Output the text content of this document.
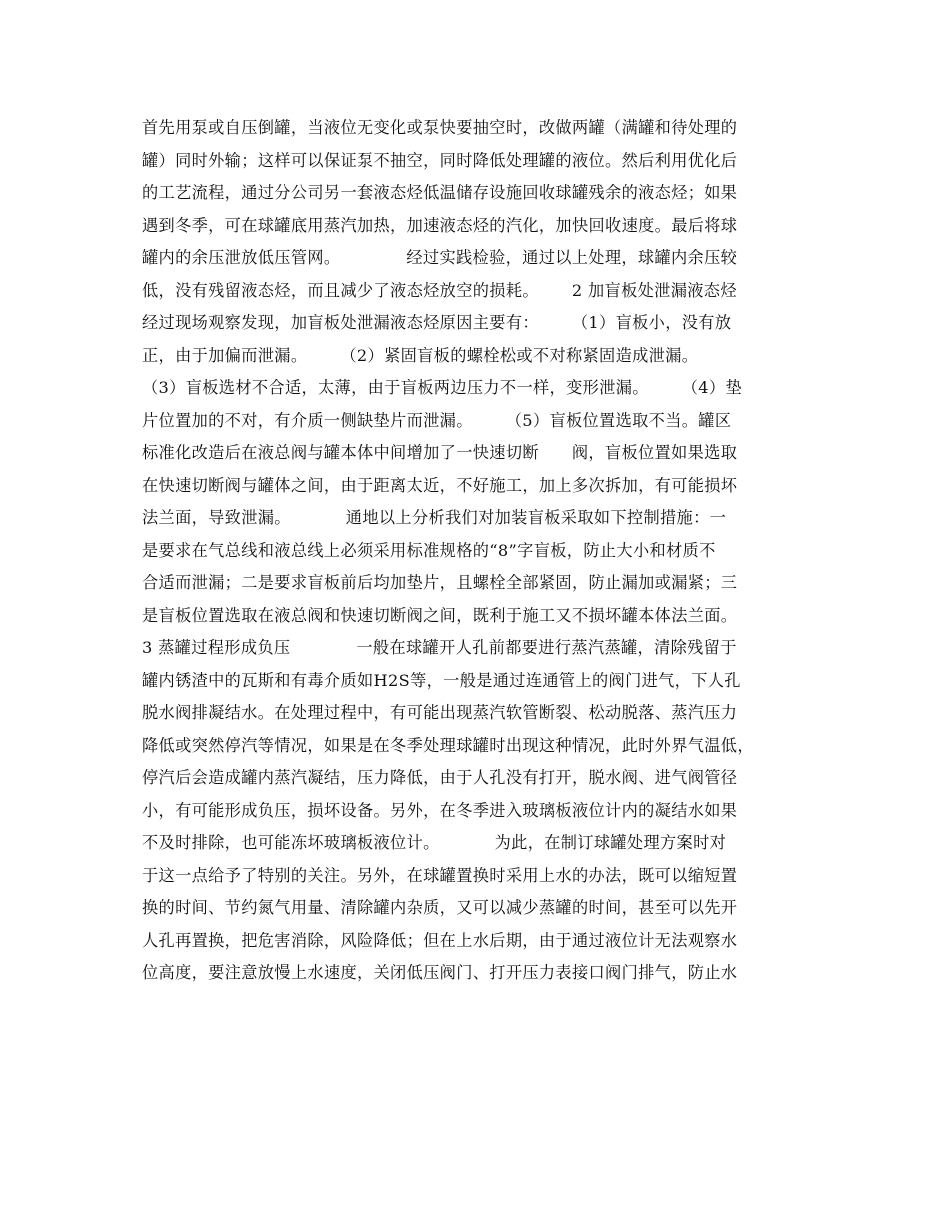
首先用泵或自压倒罐，当液位无变化或泵快要抽空时，改做两罐（满罐和待处理的
罐）同时外输；这样可以保证泵不抽空，同时降低处理罐的液位。然后利用优化后
的工艺流程，通过分公司另一套液态烃低温储存设施回收球罐残余的液态烃；如果
遇到冬季，可在球罐底用蒸汽加热，加速液态烃的汽化，加快回收速度。最后将球
罐内的余压泄放低压管网。            经过实践检验，通过以上处理，球罐内余压较
低，没有残留液态烃，而且减少了液态烃放空的损耗。      2 加盲板处泄漏液态烃
经过现场观察发现，加盲板处泄漏液态烃原因主要有：      （1）盲板小，没有放
正，由于加偏而泄漏。      （2）紧固盲板的螺栓松或不对称紧固造成泄漏。
（3）盲板选材不合适，太薄，由于盲板两边压力不一样，变形泄漏。      （4）垫
片位置加的不对，有介质一侧缺垫片而泄漏。      （5）盲板位置选取不当。罐区
标准化改造后在液总阀与罐本体中间增加了一快速切断      阀，盲板位置如果选取
在快速切断阀与罐体之间，由于距离太近，不好施工，加上多次拆加，有可能损坏
法兰面，导致泄漏。          通地以上分析我们对加装盲板采取如下控制措施：一
是要求在气总线和液总线上必须采用标准规格的“8”字盲板，防止大小和材质不
合适而泄漏；二是要求盲板前后均加垫片，且螺栓全部紧固，防止漏加或漏紧；三
是盲板位置选取在液总阀和快速切断阀之间，既利于施工又不损坏罐本体法兰面。
3 蒸罐过程形成负压            一般在球罐开人孔前都要进行蒸汽蒸罐，清除残留于
罐内锈渣中的瓦斯和有毒介质如H2S等，一般是通过连通管上的阀门进气，下人孔
脱水阀排凝结水。在处理过程中，有可能出现蒸汽软管断裂、松动脱落、蒸汽压力
降低或突然停汽等情况，如果是在冬季处理球罐时出现这种情况，此时外界气温低，
停汽后会造成罐内蒸汽凝结，压力降低，由于人孔没有打开，脱水阀、进气阀管径
小，有可能形成负压，损坏设备。另外，在冬季进入玻璃板液位计内的凝结水如果
不及时排除，也可能冻坏玻璃板液位计。          为此，在制订球罐处理方案时对
于这一点给予了特别的关注。另外，在球罐置换时采用上水的办法，既可以缩短置
换的时间、节约氮气用量、清除罐内杂质，又可以减少蒸罐的时间，甚至可以先开
人孔再置换，把危害消除，风险降低；但在上水后期，由于通过液位计无法观察水
位高度，要注意放慢上水速度，关闭低压阀门、打开压力表接口阀门排气，防止水
